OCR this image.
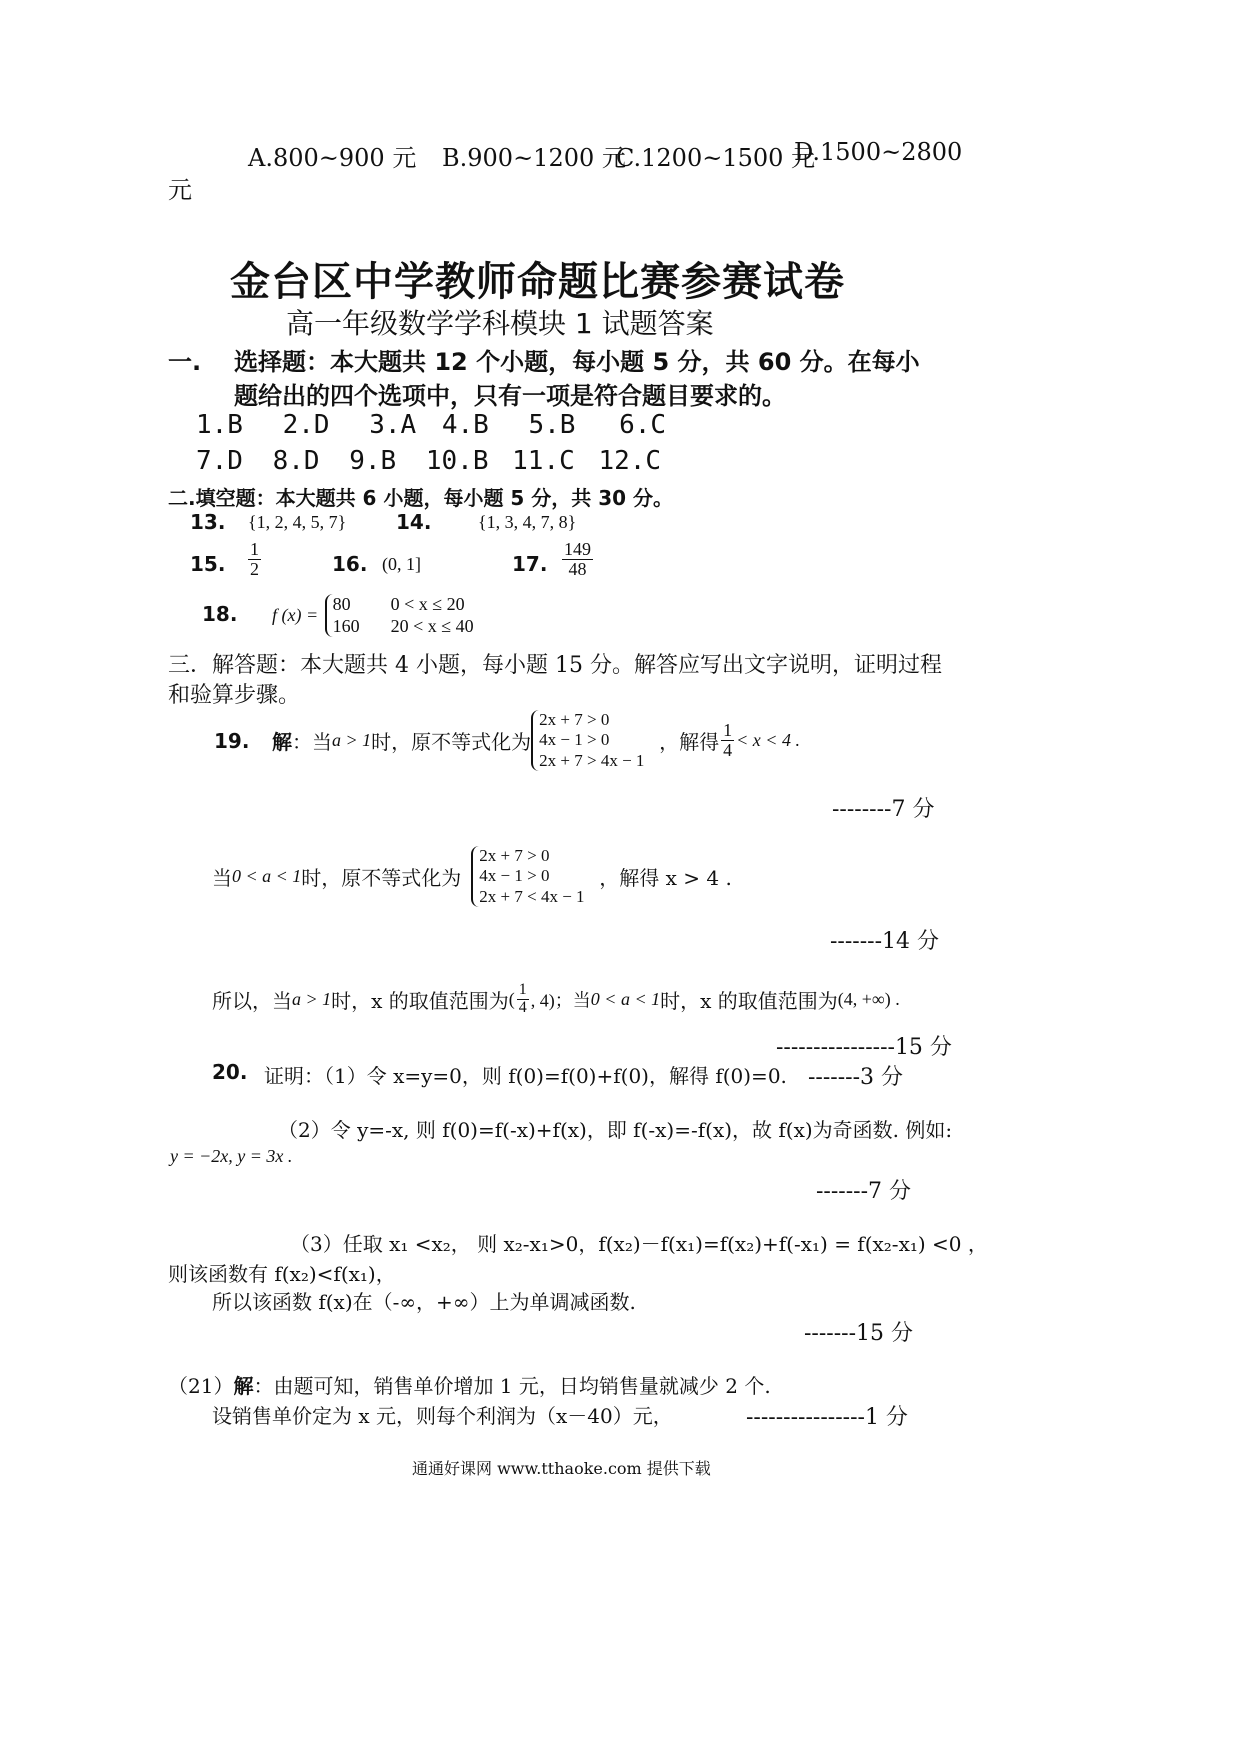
A.800~900 元 B.900~1200 元
C.1200~1500 元
D.1500~2800
元
金台区中学教师命题比赛参赛试卷
高一年级数学学科模块 1 试题答案
一. 选择题：本大题共 12 个小题，每小题 5 分，共 60 分。在每小
题给出的四个选项中，只有一项是符合题目要求的。
1.B 2.D 3.A 4.B 5.B 6.C
7.D 8.D 9.B 10.B 11.C 12.C
二.填空题：本大题共 6 小题，每小题 5 分，共 30 分。
13. {1, 2, 4, 5, 7} 14.	{1, 3, 4, 7, 8}
15. $\frac{1}{2}$	16. (0, 1]	17. $\frac{149}{48}$
18. f (x) =
80 0 < x ≤ 20
160 20 < x ≤ 40
三．解答题：本大题共 4 小题，每小题 15 分。解答应写出文字说明，证明过程
和验算步骤。
19. 解：当a > 1时，原不等式化为
2x + 7 > 0
4x − 1 > 0
2x + 7 > 4x − 1
，解得 $\frac{1}{4} < x < 4$ .
--------7 分
当0 < a < 1时，原不等式化为
2x + 7 > 0
4x − 1 > 0
2x + 7 < 4x − 1
，解得 x > 4 .
-------14 分
所以，当a > 1时，x 的取值范围为( $\frac{1}{4}$ , 4)；当0 < a < 1时，x 的取值范围为(4, +∞) .
----------------15 分
20. 证明：（1）令 x=y=0，则 f(0)=f(0)+f(0)，解得 f(0)=0. -------3 分
（2）令 y=-x, 则 f(0)=f(-x)+f(x)，即 f(-x)=-f(x)，故 f(x)为奇函数. 例如:
y = −2x, y = 3x .
-------7 分
（3）任取 x₁ <x₂， 则 x₂-x₁>0，f(x₂)－f(x₁)=f(x₂)+f(-x₁) = f(x₂-x₁) <0 ，
则该函数有 f(x₂)<f(x₁)，
所以该函数 f(x)在（-∞，+∞）上为单调减函数.
-------15 分
（21）解：由题可知，销售单价增加 1 元，日均销售量就减少 2 个.
设销售单价定为 x 元，则每个利润为（x－40）元，	----------------1 分
通通好课网 www.tthaoke.com 提供下载
